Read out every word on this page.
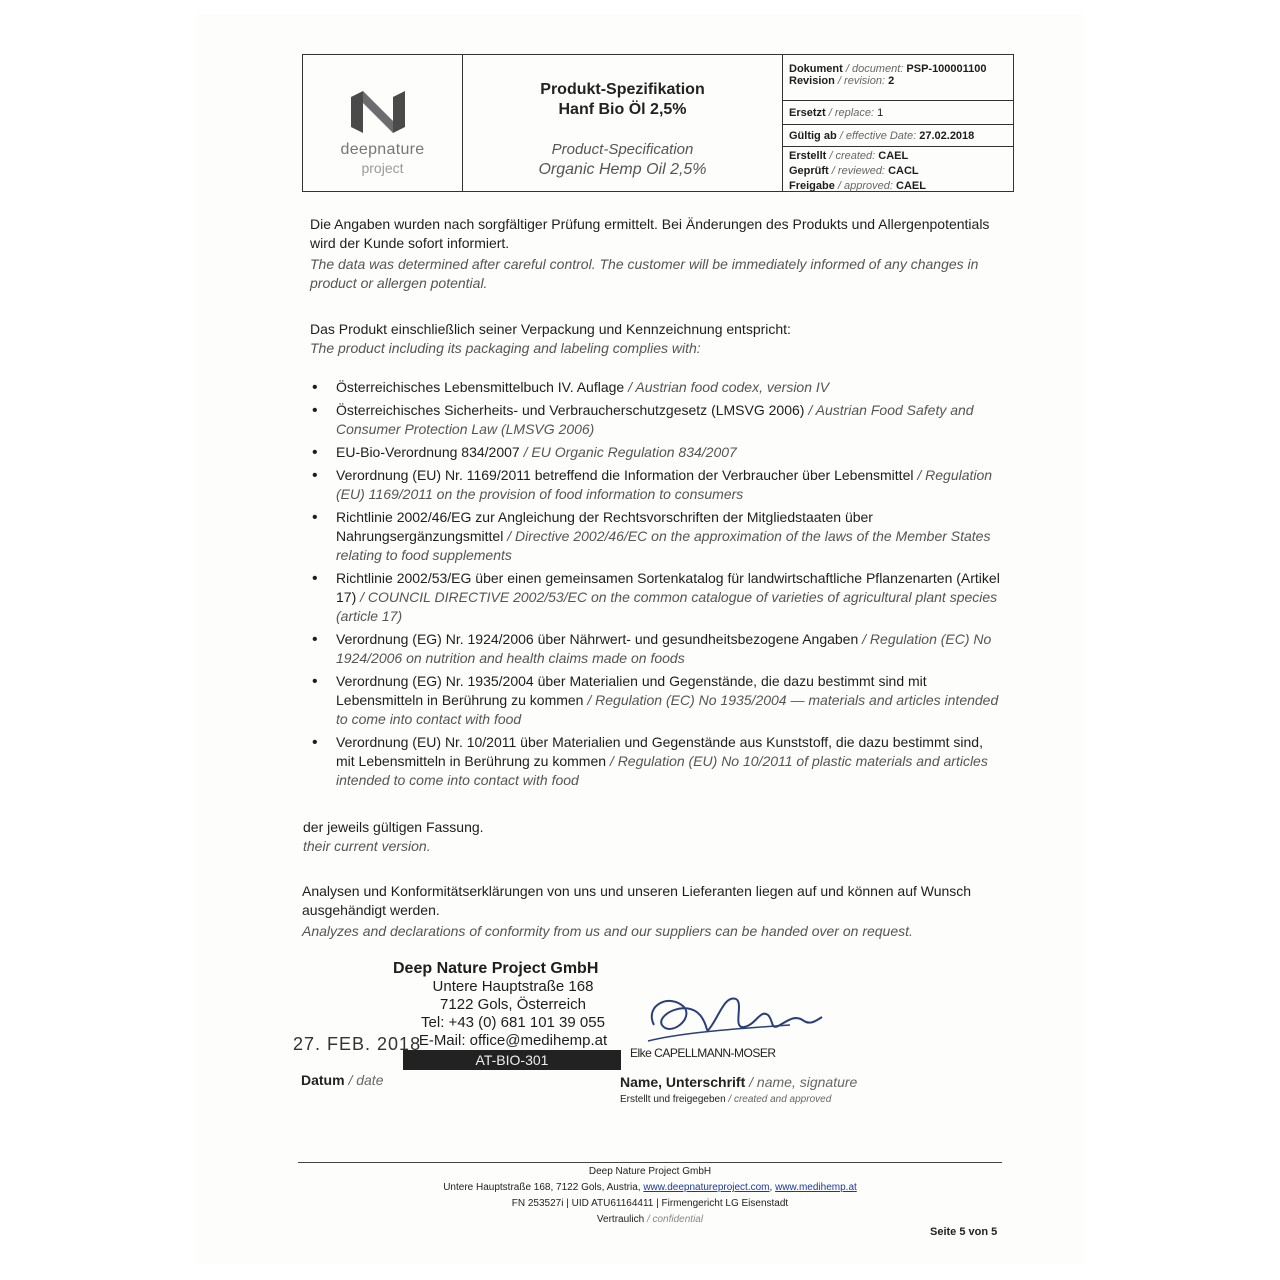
deepnature
project
Produkt-Spezifikation
Hanf Bio Öl 2,5%
Product-Specification
Organic Hemp Oil 2,5%
Dokument / document: PSP-100001100
Revision / revision: 2
Ersetzt / replace: 1
Gültig ab / effective Date: 27.02.2018
Erstellt / created: CAEL
Geprüft / reviewed: CACL
Freigabe / approved: CAEL
Die Angaben wurden nach sorgfältiger Prüfung ermittelt. Bei Änderungen des Produkts und Allergenpotentials wird der Kunde sofort informiert.
The data was determined after careful control. The customer will be immediately informed of any changes in product or allergen potential.
Das Produkt einschließlich seiner Verpackung und Kennzeichnung entspricht:
The product including its packaging and labeling complies with:
• Österreichisches Lebensmittelbuch IV. Auflage / Austrian food codex, version IV
• Österreichisches Sicherheits- und Verbraucherschutzgesetz (LMSVG 2006) / Austrian Food Safety and Consumer Protection Law (LMSVG 2006)
• EU-Bio-Verordnung 834/2007 / EU Organic Regulation 834/2007
• Verordnung (EU) Nr. 1169/2011 betreffend die Information der Verbraucher über Lebensmittel / Regulation (EU) 1169/2011 on the provision of food information to consumers
• Richtlinie 2002/46/EG zur Angleichung der Rechtsvorschriften der Mitgliedstaaten über Nahrungsergänzungsmittel / Directive 2002/46/EC on the approximation of the laws of the Member States relating to food supplements
• Richtlinie 2002/53/EG über einen gemeinsamen Sortenkatalog für landwirtschaftliche Pflanzenarten (Artikel 17) / COUNCIL DIRECTIVE 2002/53/EC on the common catalogue of varieties of agricultural plant species (article 17)
• Verordnung (EG) Nr. 1924/2006 über Nährwert- und gesundheitsbezogene Angaben / Regulation (EC) No 1924/2006 on nutrition and health claims made on foods
• Verordnung (EG) Nr. 1935/2004 über Materialien und Gegenstände, die dazu bestimmt sind mit Lebensmitteln in Berührung zu kommen / Regulation (EC) No 1935/2004 — materials and articles intended to come into contact with food
• Verordnung (EU) Nr. 10/2011 über Materialien und Gegenstände aus Kunststoff, die dazu bestimmt sind, mit Lebensmitteln in Berührung zu kommen / Regulation (EU) No 10/2011 of plastic materials and articles intended to come into contact with food
der jeweils gültigen Fassung.
their current version.
Analysen und Konformitätserklärungen von uns und unseren Lieferanten liegen auf und können auf Wunsch ausgehändigt werden.
Analyzes and declarations of conformity from us and our suppliers can be handed over on request.
Deep Nature Project GmbH
Untere Hauptstraße 168
7122 Gols, Österreich
Tel: +43 (0) 681 101 39 055
E-Mail: office@medihemp.at
AT-BIO-301
27. FEB. 2018	Elke CAPELLMANN-MOSER
Datum / date	Name, Unterschrift / name, signature
Erstellt und freigegeben / created and approved
Deep Nature Project GmbH
Untere Hauptstraße 168, 7122 Gols, Austria, www.deepnatureproject.com, www.medihemp.at
FN 253527i | UID ATU61164411 | Firmengericht LG Eisenstadt
Vertraulich / confidential
Seite 5 von 5
